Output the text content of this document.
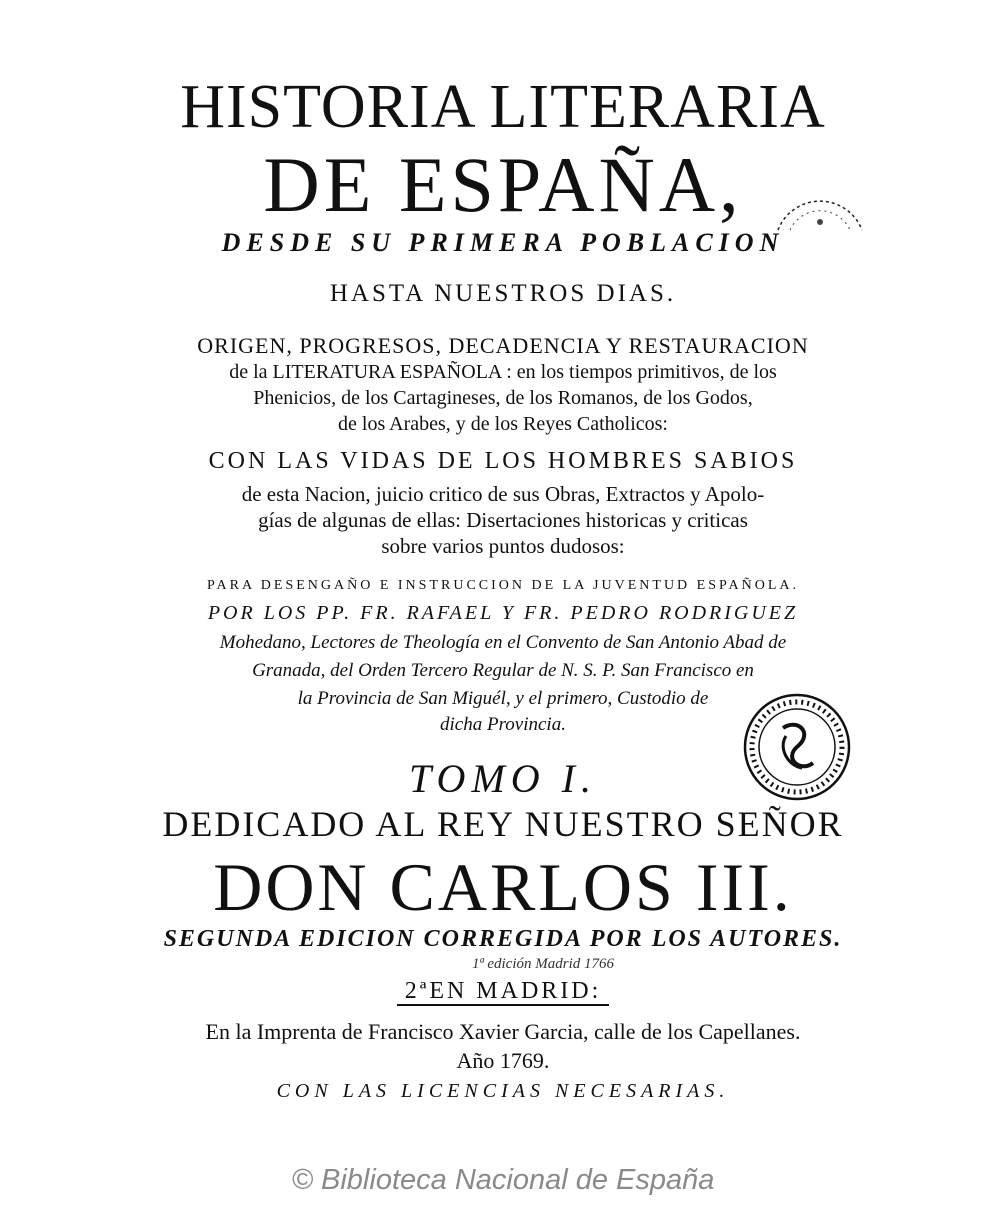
HISTORIA LITERARIA
DE ESPAÑA,
DESDE SU PRIMERA POBLACION
HASTA NUESTROS DIAS.
ORIGEN, PROGRESOS, DECADENCIA Y RESTAURACION
de la LITERATURA ESPAÑOLA : en los tiempos primitivos, de los
Phenicios, de los Cartagineses, de los Romanos, de los Godos,
de los Arabes, y de los Reyes Catholicos:
CON LAS VIDAS DE LOS HOMBRES SABIOS
de esta Nacion, juicio critico de sus Obras, Extractos y Apolo-
gías de algunas de ellas: Disertaciones historicas y criticas
sobre varios puntos dudosos:
PARA DESENGAÑO E INSTRUCCION DE LA JUVENTUD ESPAÑOLA.
POR LOS PP. FR. RAFAEL Y FR. PEDRO RODRIGUEZ
Mohedano, Lectores de Theología en el Convento de San Antonio Abad de
Granada, del Orden Tercero Regular de N. S. P. San Francisco en
la Provincia de San Miguél, y el primero, Custodio de
dicha Provincia.
TOMO I.
DEDICADO AL REY NUESTRO SEÑOR
DON CARLOS III.
SEGUNDA EDICION CORREGIDA POR LOS AUTORES.
1ª edición Madrid 1766
2ªEN MADRID:
En la Imprenta de Francisco Xavier Garcia, calle de los Capellanes.
Año 1769.
CON LAS LICENCIAS NECESARIAS.
© Biblioteca Nacional de España
